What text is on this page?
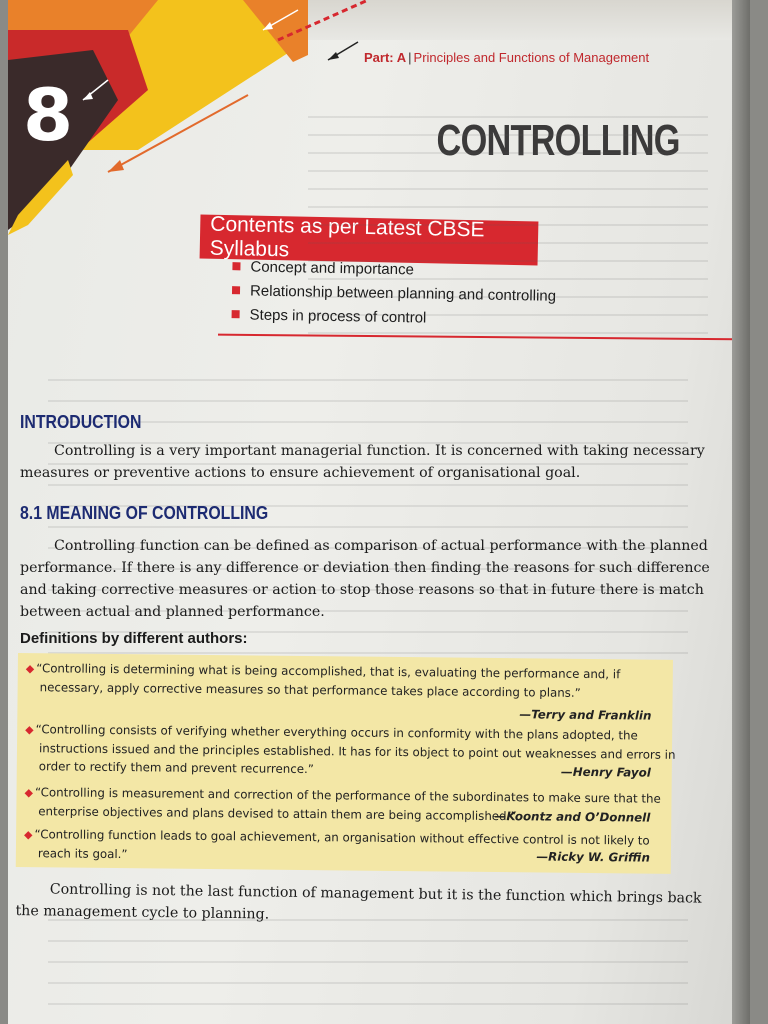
8
Part: A | Principles and Functions of Management
CONTROLLING
Contents as per Latest CBSE Syllabus
Concept and importance
Relationship between planning and controlling
Steps in process of control
INTRODUCTION
Controlling is a very important managerial function. It is concerned with taking necessary
measures or preventive actions to ensure achievement of organisational goal.
8.1 MEANING OF CONTROLLING
Controlling function can be defined as comparison of actual performance with the planned
performance. If there is any difference or deviation then finding the reasons for such difference
and taking corrective measures or action to stop those reasons so that in future there is match
between actual and planned performance.
Definitions by different authors:
◆ “Controlling is determining what is being accomplished, that is, evaluating the performance and, if
necessary, apply corrective measures so that performance takes place according to plans.”
—Terry and Franklin
◆ “Controlling consists of verifying whether everything occurs in conformity with the plans adopted, the
instructions issued and the principles established. It has for its object to point out weaknesses and errors in
order to rectify them and prevent recurrence.”	—Henry Fayol
◆ “Controlling is measurement and correction of the performance of the subordinates to make sure that the
enterprise objectives and plans devised to attain them are being accomplished.”
—Koontz and O’Donnell
◆ “Controlling function leads to goal achievement, an organisation without effective control is not likely to
reach its goal.”	—Ricky W. Griffin
Controlling is not the last function of management but it is the function which brings back
the management cycle to planning.
